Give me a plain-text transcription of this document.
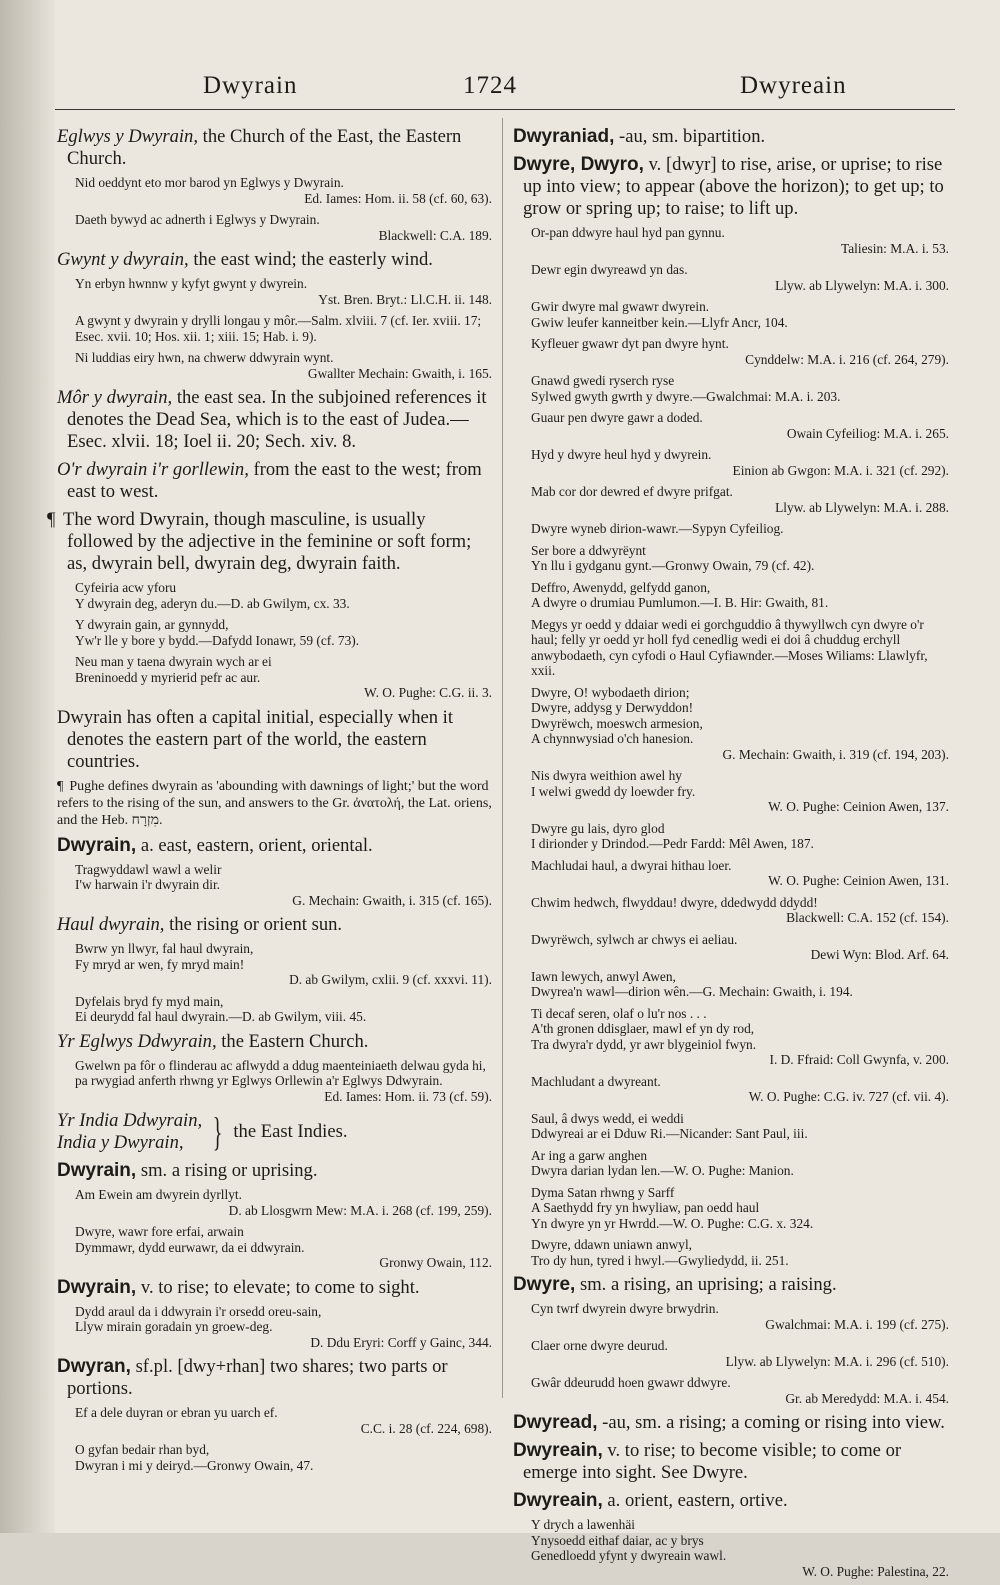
Dwyrain	1724	Dwyreain
Eglwys y Dwyrain, the Church of the East, the Eastern Church.
Nid oeddynt eto mor barod yn Eglwys y Dwyrain.
Ed. Iames: Hom. ii. 58 (cf. 60, 63).
Daeth bywyd ac adnerth i Eglwys y Dwyrain.
Blackwell: C.A. 189.
Gwynt y dwyrain, the east wind; the easterly wind.
Yn erbyn hwnnw y kyfyt gwynt y dwyrein.
Yst. Bren. Bryt.: Ll.C.H. ii. 148.
A gwynt y dwyrain y drylli longau y môr.—Salm. xlviii. 7 (cf. Ier. xviii. 17; Esec. xvii. 10; Hos. xii. 1; xiii. 15; Hab. i. 9).
Ni luddias eiry hwn, na chwerw ddwyrain wynt.
Gwallter Mechain: Gwaith, i. 165.
Môr y dwyrain, the east sea. In the subjoined references it denotes the Dead Sea, which is to the east of Judea.—Esec. xlvii. 18; Ioel ii. 20; Sech. xiv. 8.
O'r dwyrain i'r gorllewin, from the east to the west; from east to west.
The word Dwyrain, though masculine, is usually followed by the adjective in the feminine or soft form; as, dwyrain bell, dwyrain deg, dwyrain faith.
Cyfeiria acw yforu
Y dwyrain deg, aderyn du.—D. ab Gwilym, cx. 33.
Y dwyrain gain, ar gynnydd,
Yw'r lle y bore y bydd.—Dafydd Ionawr, 59 (cf. 73).
Neu man y taena dwyrain wych ar ei
Breninoedd y myrierid pefr ac aur.
W. O. Pughe: C.G. ii. 3.
Dwyrain has often a capital initial, especially when it denotes the eastern part of the world, the eastern countries.
¶ Pughe defines dwyrain as 'abounding with dawnings of light;' but the word refers to the rising of the sun, and answers to the Gr. ἀνατολή, the Lat. oriens, and the Heb. מִזְרָח.
Dwyrain, a. east, eastern, orient, oriental.
Tragwyddawl wawl a welir
I'w harwain i'r dwyrain dir.
G. Mechain: Gwaith, i. 315 (cf. 165).
Haul dwyrain, the rising or orient sun.
Bwrw yn llwyr, fal haul dwyrain,
Fy mryd ar wen, fy mryd main!
D. ab Gwilym, cxlii. 9 (cf. xxxvi. 11).
Dyfelais bryd fy myd main,
Ei deurydd fal haul dwyrain.—D. ab Gwilym, viii. 45.
Yr Eglwys Ddwyrain, the Eastern Church.
Gwelwn pa fôr o flinderau ac aflwydd a ddug maenteiniaeth delwau gyda hi, pa rwygiad anferth rhwng yr Eglwys Orllewin a'r Eglwys Ddwyrain.
Ed. Iames: Hom. ii. 73 (cf. 59).
Yr India Ddwyrain,
India y Dwyrain, } the East Indies.
Dwyrain, sm. a rising or uprising.
Am Ewein am dwyrein dyrllyt.
D. ab Llosgwrn Mew: M.A. i. 268 (cf. 199, 259).
Dwyre, wawr fore erfai, arwain
Dymmawr, dydd eurwawr, da ei ddwyrain.
Gronwy Owain, 112.
Dwyrain, v. to rise; to elevate; to come to sight.
Dydd araul da i ddwyrain i'r orsedd oreu-sain,
Llyw mirain goradain yn groew-deg.
D. Ddu Eryri: Corff y Gainc, 344.
Dwyran, sf.pl. [dwy+rhan] two shares; two parts or portions.
Ef a dele duyran or ebran yu uarch ef.
C.C. i. 28 (cf. 224, 698).
O gyfan bedair rhan byd,
Dwyran i mi y deiryd.—Gronwy Owain, 47.
Dwyraniad, -au, sm. bipartition.
Dwyre, Dwyro, v. [dwyr] to rise, arise, or uprise; to rise up into view; to appear (above the horizon); to get up; to grow or spring up; to raise; to lift up.
Or-pan ddwyre haul hyd pan gynnu.
Taliesin: M.A. i. 53.
Dewr egin dwyreawd yn das.
Llyw. ab Llywelyn: M.A. i. 300.
Gwir dwyre mal gwawr dwyrein.
Gwiw leufer kanneitber kein.—Llyfr Ancr, 104.
Kyfleuer gwawr dyt pan dwyre hynt.
Cynddelw: M.A. i. 216 (cf. 264, 279).
Gnawd gwedi ryserch ryse
Sylwed gwyth gwrth y dwyre.—Gwalchmai: M.A. i. 203.
Guaur pen dwyre gawr a doded.
Owain Cyfeiliog: M.A. i. 265.
Hyd y dwyre heul hyd y dwyrein.
Einion ab Gwgon: M.A. i. 321 (cf. 292).
Mab cor dor dewred ef dwyre prifgat.
Llyw. ab Llywelyn: M.A. i. 288.
Dwyre wyneb dirion-wawr.—Sypyn Cyfeiliog.
Ser bore a ddwyrëynt
Yn llu i gydganu gynt.—Gronwy Owain, 79 (cf. 42).
Deffro, Awenydd, gelfydd ganon,
A dwyre o drumiau Pumlumon.—I. B. Hir: Gwaith, 81.
Megys yr oedd y ddaiar wedi ei gorchguddio â thywyllwch cyn dwyre o'r haul; felly yr oedd yr holl fyd cenedlig wedi ei doi â chuddug erchyll anwybodaeth, cyn cyfodi o Haul Cyfiawnder.—Moses Wiliams: Llawlyfr, xxii.
Dwyre, O! wybodaeth dirion;
Dwyre, addysg y Derwyddon!
Dwyrëwch, moeswch armesion,
A chynnwysiad o'ch hanesion.
G. Mechain: Gwaith, i. 319 (cf. 194, 203).
Nis dwyra weithion awel hy
I welwi gwedd dy loewder fry.
W. O. Pughe: Ceinion Awen, 137.
Dwyre gu lais, dyro glod
I dirionder y Drindod.—Pedr Fardd: Mêl Awen, 187.
Machludai haul, a dwyrai hithau loer.
W. O. Pughe: Ceinion Awen, 131.
Chwim hedwch, flwyddau! dwyre, ddedwydd ddydd!
Blackwell: C.A. 152 (cf. 154).
Dwyrëwch, sylwch ar chwys ei aeliau.
Dewi Wyn: Blod. Arf. 64.
Iawn lewych, anwyl Awen,
Dwyrea'n wawl—dirion wên.—G. Mechain: Gwaith, i. 194.
Ti decaf seren, olaf o lu'r nos . . .
A'th gronen ddisglaer, mawl ef yn dy rod,
Tra dwyra'r dydd, yr awr blygeiniol fwyn.
I. D. Ffraid: Coll Gwynfa, v. 200.
Machludant a dwyreant.
W. O. Pughe: C.G. iv. 727 (cf. vii. 4).
Saul, â dwys wedd, ei weddi
Ddwyreai ar ei Dduw Ri.—Nicander: Sant Paul, iii.
Ar ing a garw anghen
Dwyra darian lydan len.—W. O. Pughe: Manion.
Dyma Satan rhwng y Sarff
A Saethydd fry yn hwyliaw, pan oedd haul
Yn dwyre yn yr Hwrdd.—W. O. Pughe: C.G. x. 324.
Dwyre, ddawn uniawn anwyl,
Tro dy hun, tyred i hwyl.—Gwyliedydd, ii. 251.
Dwyre, sm. a rising, an uprising; a raising.
Cyn twrf dwyrein dwyre brwydrin.
Gwalchmai: M.A. i. 199 (cf. 275).
Claer orne dwyre deurud.
Llyw. ab Llywelyn: M.A. i. 296 (cf. 510).
Gwâr ddeurudd hoen gwawr ddwyre.
Gr. ab Meredydd: M.A. i. 454.
Dwyread, -au, sm. a rising; a coming or rising into view.
Dwyreain, v. to rise; to become visible; to come or emerge into sight. See Dwyre.
Dwyreain, a. orient, eastern, ortive.
Y drych a lawenhäi
Ynysoedd eithaf daiar, ac y brys
Genedloedd yfynt y dwyreain wawl.
W. O. Pughe: Palestina, 22.
